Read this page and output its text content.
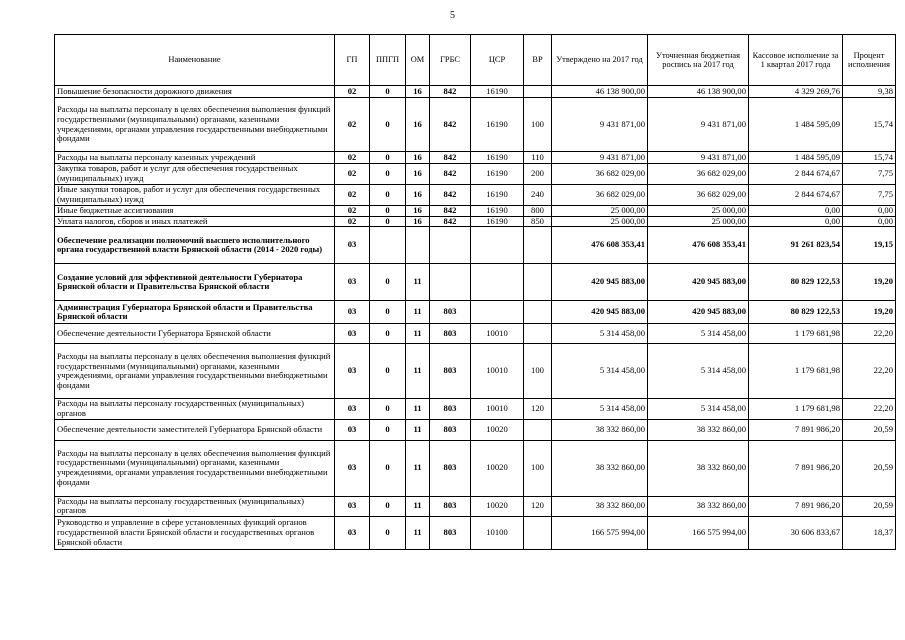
5
Наименование	ГП	ППГП	ОМ	ГРБС	ЦСР	ВР	Утверждено на 2017 год	Уточненная бюджетная роспись на 2017 год	Кассовое исполнение за 1 квартал 2017 года	Процент исполнения
Повышение безопасности дорожного движения	02	0	16	842	16190		46 138 900,00	46 138 900,00	4 329 269,76	9,38
Расходы на выплаты персоналу в целях обеспечения выполнения функций государственными (муниципальными) органами, казенными учреждениями, органами управления государственными внебюджетными фондами	02	0	16	842	16190	100	9 431 871,00	9 431 871,00	1 484 595,09	15,74
Расходы на выплаты персоналу казенных учреждений	02	0	16	842	16190	110	9 431 871,00	9 431 871,00	1 484 595,09	15,74
Закупка товаров, работ и услуг для обеспечения государственных (муниципальных) нужд	02	0	16	842	16190	200	36 682 029,00	36 682 029,00	2 844 674,67	7,75
Иные закупки товаров, работ и услуг для обеспечения государственных (муниципальных) нужд	02	0	16	842	16190	240	36 682 029,00	36 682 029,00	2 844 674,67	7,75
Иные бюджетные ассигнования	02	0	16	842	16190	800	25 000,00	25 000,00	0,00	0,00
Уплата налогов, сборов и иных платежей	02	0	16	842	16190	850	25 000,00	25 000,00	0,00	0,00
Обеспечение реализации полномочий высшего исполнительного органа государственной власти Брянской области (2014 - 2020 годы)	03						476 608 353,41	476 608 353,41	91 261 823,54	19,15
Создание условий для эффективной деятельности Губернатора Брянской области и Правительства Брянской области	03	0	11				420 945 883,00	420 945 883,00	80 829 122,53	19,20
Администрация Губернатора Брянской области и Правительства Брянской области	03	0	11	803			420 945 883,00	420 945 883,00	80 829 122,53	19,20
Обеспечение деятельности Губернатора Брянской области	03	0	11	803	10010		5 314 458,00	5 314 458,00	1 179 681,98	22,20
Расходы на выплаты персоналу в целях обеспечения выполнения функций государственными (муниципальными) органами, казенными учреждениями, органами управления государственными внебюджетными фондами	03	0	11	803	10010	100	5 314 458,00	5 314 458,00	1 179 681,98	22,20
Расходы на выплаты персоналу государственных (муниципальных) органов	03	0	11	803	10010	120	5 314 458,00	5 314 458,00	1 179 681,98	22,20
Обеспечение деятельности заместителей Губернатора Брянской области	03	0	11	803	10020		38 332 860,00	38 332 860,00	7 891 986,20	20,59
Расходы на выплаты персоналу в целях обеспечения выполнения функций государственными (муниципальными) органами, казенными учреждениями, органами управления государственными внебюджетными фондами	03	0	11	803	10020	100	38 332 860,00	38 332 860,00	7 891 986,20	20,59
Расходы на выплаты персоналу государственных (муниципальных) органов	03	0	11	803	10020	120	38 332 860,00	38 332 860,00	7 891 986,20	20,59
Руководство и управление в сфере установленных функций органов государственной власти Брянской области и государственных органов Брянской области	03	0	11	803	10100		166 575 994,00	166 575 994,00	30 606 833,67	18,37
